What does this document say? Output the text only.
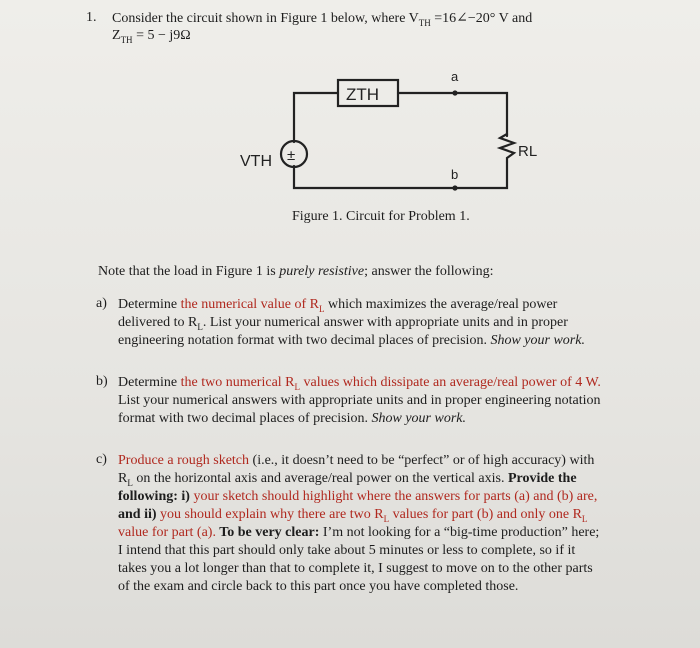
1. Consider the circuit shown in Figure 1 below, where $V_{TH}$ =16∠−20° V and
$Z_{TH} = 5 - j9\Omega$
ZTH
a
b
±
VTH
RL
Figure 1. Circuit for Problem 1.
Note that the load in Figure 1 is purely resistive; answer the following:
a) Determine the numerical value of $R_L$ which maximizes the average/real power
delivered to $R_L$. List your numerical answer with appropriate units and in proper
engineering notation format with two decimal places of precision. Show your work.
b) Determine the two numerical $R_L$ values which dissipate an average/real power of 4 W.
List your numerical answers with appropriate units and in proper engineering notation
format with two decimal places of precision. Show your work.
c) Produce a rough sketch (i.e., it doesn’t need to be “perfect” or of high accuracy) with
$R_L$ on the horizontal axis and average/real power on the vertical axis. Provide the
following: i) your sketch should highlight where the answers for parts (a) and (b) are,
and ii) you should explain why there are two $R_L$ values for part (b) and only one $R_L$
value for part (a). To be very clear: I’m not looking for a “big-time production” here;
I intend that this part should only take about 5 minutes or less to complete, so if it
takes you a lot longer than that to complete it, I suggest to move on to the other parts
of the exam and circle back to this part once you have completed those.
